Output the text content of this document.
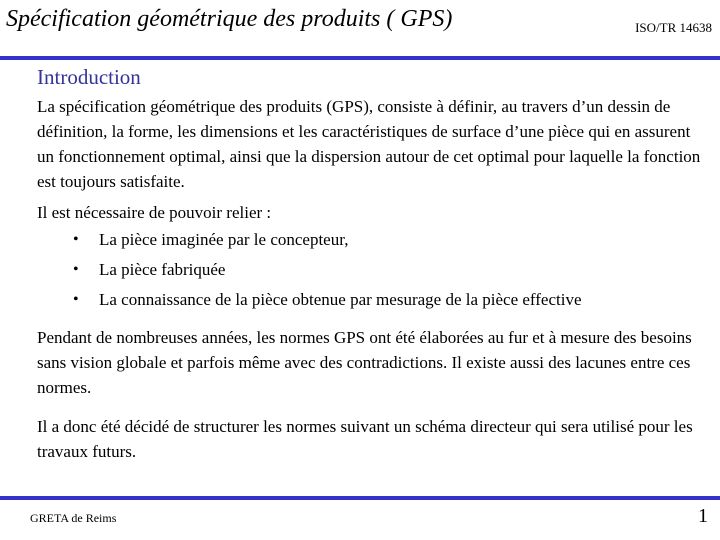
Spécification géométrique des produits ( GPS)	ISO/TR 14638
Introduction

La spécification géométrique des produits (GPS), consiste à définir, au travers d’un dessin de définition, la forme, les dimensions et les caractéristiques de surface d’une pièce qui en assurent un fonctionnement optimal, ainsi que la dispersion autour de cet optimal pour laquelle la fonction est toujours satisfaite.

Il est nécessaire de pouvoir relier :

• La pièce imaginée par le concepteur,
• La pièce fabriquée
• La connaissance de la pièce obtenue par mesurage de la pièce effective

Pendant de nombreuses années, les normes GPS ont été élaborées au fur et à mesure des besoins sans vision globale et parfois même avec des contradictions. Il existe aussi des lacunes entre ces normes.

Il a donc été décidé de structurer les normes suivant un schéma directeur qui sera utilisé pour les travaux futurs.

GRETA de Reims	1
